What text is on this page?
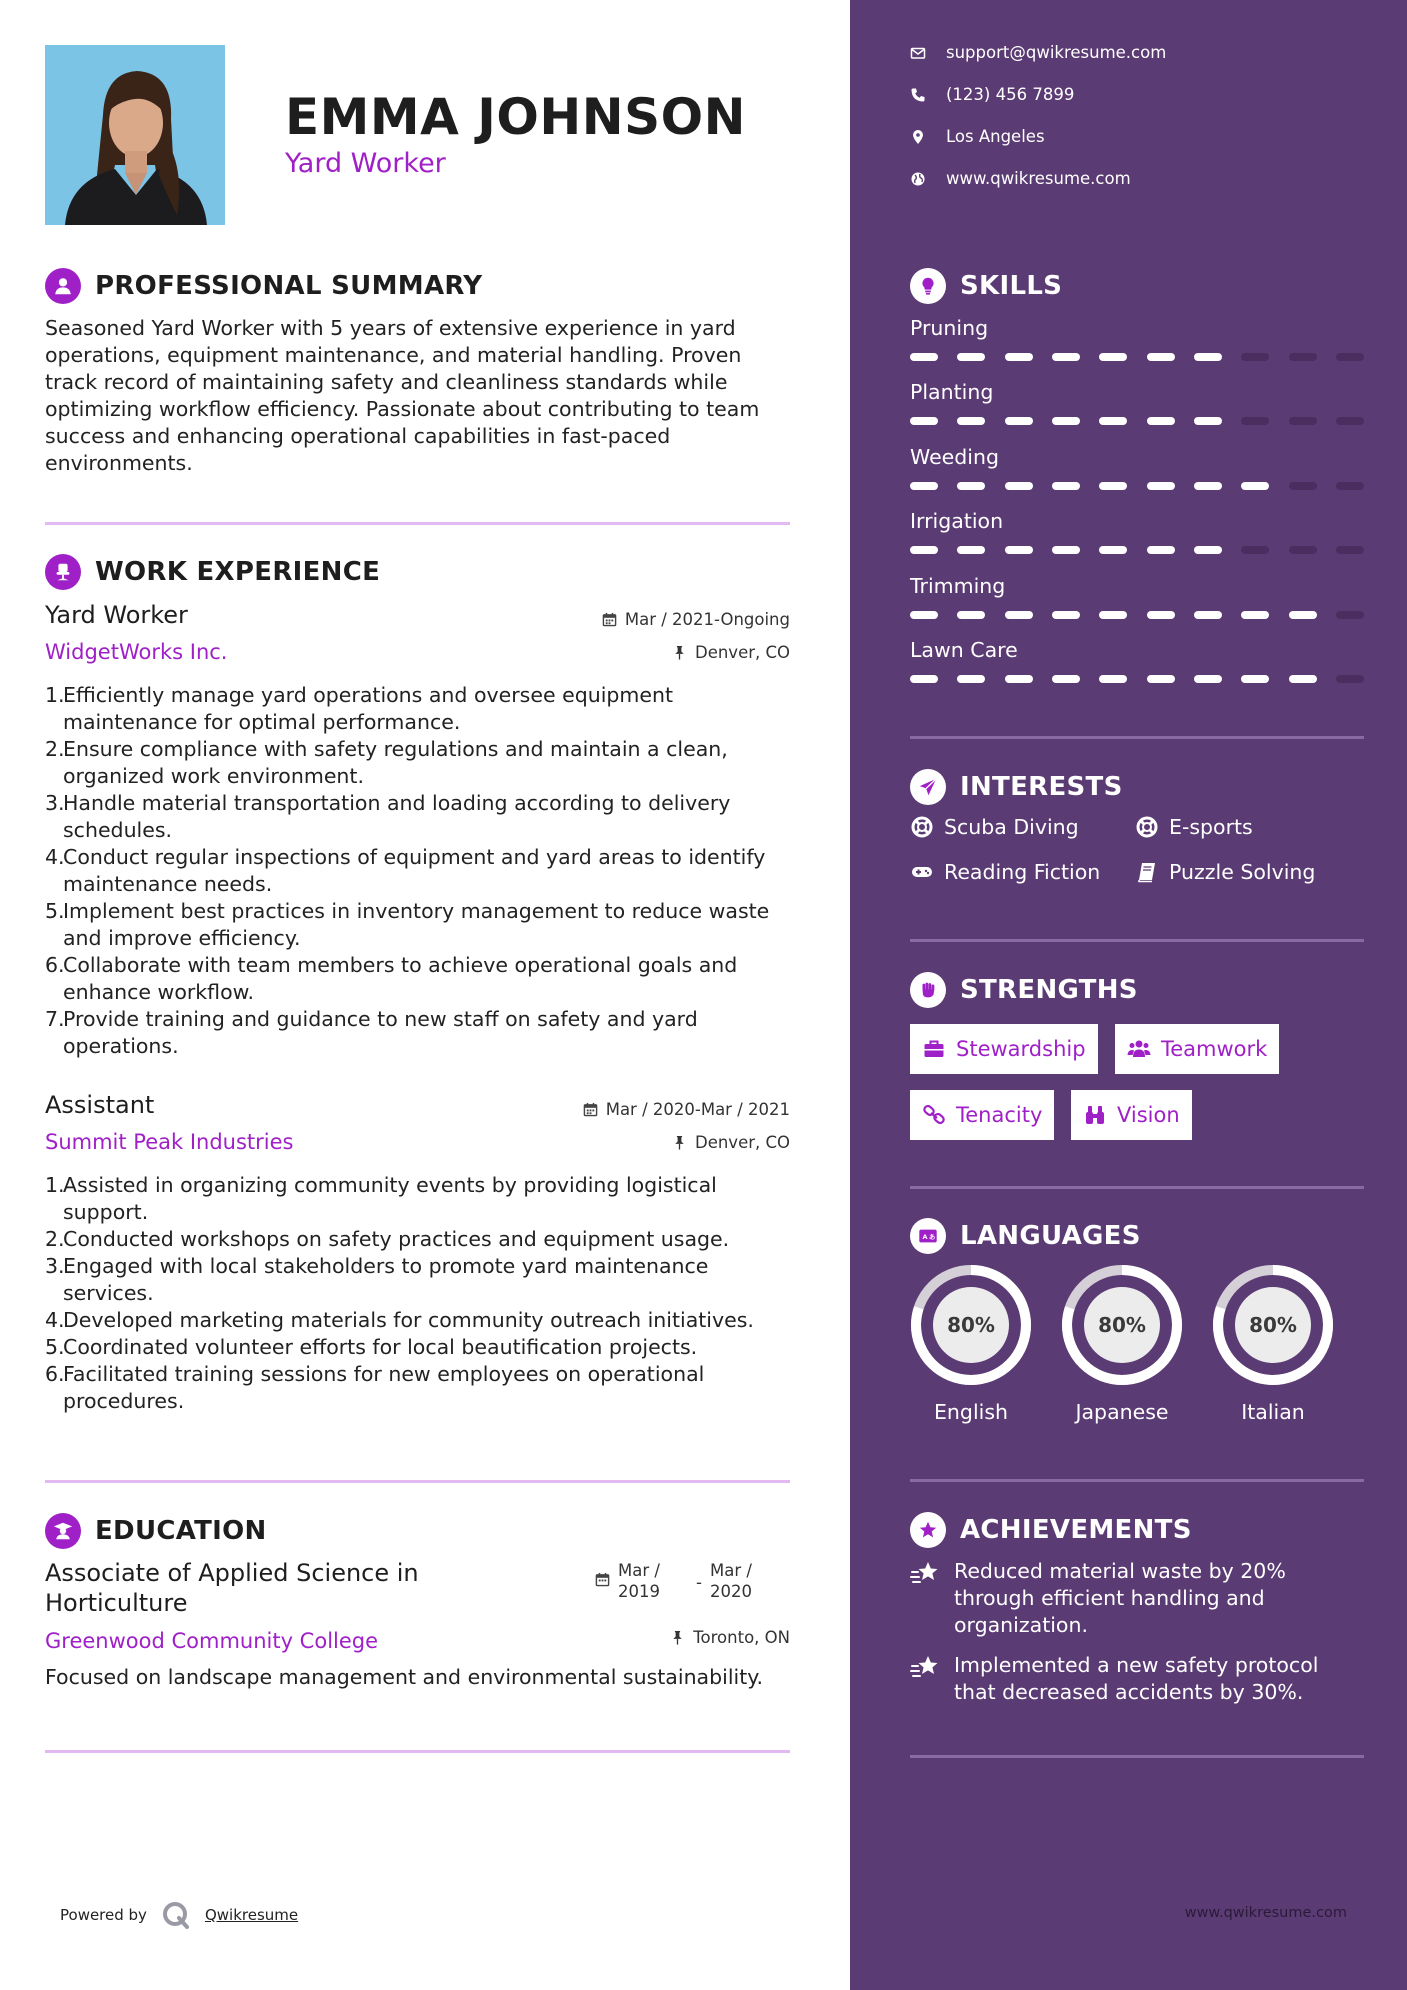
EMMA JOHNSON
Yard Worker
PROFESSIONAL SUMMARY
Seasoned Yard Worker with 5 years of extensive experience in yard operations, equipment maintenance, and material handling. Proven track record of maintaining safety and cleanliness standards while optimizing workflow efficiency. Passionate about contributing to team success and enhancing operational capabilities in fast-paced environments.
WORK EXPERIENCE
Yard Worker	Mar / 2021-Ongoing
WidgetWorks Inc.	Denver, CO
1.
Efficiently manage yard operations and oversee equipment maintenance for optimal performance.
2.
Ensure compliance with safety regulations and maintain a clean, organized work environment.
3.
Handle material transportation and loading according to delivery schedules.
4.
Conduct regular inspections of equipment and yard areas to identify maintenance needs.
5.
Implement best practices in inventory management to reduce waste and improve efficiency.
6.
Collaborate with team members to achieve operational goals and enhance workflow.
7.
Provide training and guidance to new staff on safety and yard operations.
Assistant	Mar / 2020-Mar / 2021
Summit Peak Industries	Denver, CO
1.
Assisted in organizing community events by providing logistical support.
2.
Conducted workshops on safety practices and equipment usage.
3.
Engaged with local stakeholders to promote yard maintenance services.
4.
Developed marketing materials for community outreach initiatives.
5.
Coordinated volunteer efforts for local beautification projects.
6.
Facilitated training sessions for new employees on operational procedures.
EDUCATION
Associate of Applied Science in
Horticulture
Mar /
2019 -
Mar /
2020
Greenwood Community College	Toronto, ON
Focused on landscape management and environmental sustainability.
Powered by	Qwikresume
support@qwikresume.com
(123) 456 7899
Los Angeles
www.qwikresume.com
SKILLS
Pruning
Planting
Weeding
Irrigation
Trimming
Lawn Care
INTERESTS
Scuba Diving	E-sports
Reading Fiction	Puzzle Solving
STRENGTHS
Stewardship	Teamwork
Tenacity	Vision
A あ LANGUAGES
80%
English
80%
Japanese
80%
Italian
ACHIEVEMENTS
Reduced material waste by 20% through efficient handling and organization.
Implemented a new safety protocol that decreased accidents by 30%.
www.qwikresume.com
